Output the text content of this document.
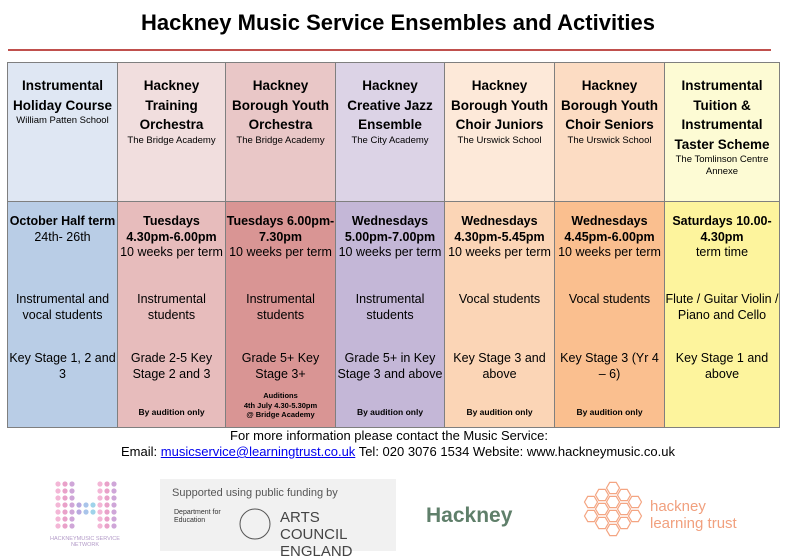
Hackney Music Service Ensembles and Activities
Instrumental Holiday Course
William Patten School
October Half term
24th- 26th
Instrumental and vocal students
Key Stage 1, 2 and 3
Hackney Training Orchestra
The Bridge Academy
Tuesdays 4.30pm-6.00pm
10 weeks per term
Instrumental students
Grade 2-5 Key Stage 2 and 3
By audition only
Hackney Borough Youth Orchestra
The Bridge Academy
Tuesdays 6.00pm-7.30pm
10 weeks per term
Instrumental students
Grade 5+ Key Stage 3+
Auditions
4th July 4.30-5.30pm
@ Bridge Academy
Hackney Creative Jazz Ensemble
The City Academy
Wednesdays 5.00pm-7.00pm
10 weeks per term
Instrumental students
Grade 5+ in Key Stage 3 and above
By audition only
Hackney Borough Youth Choir Juniors
The Urswick School
Wednesdays 4.30pm-5.45pm
10 weeks per term
Vocal students
Key Stage 3 and above
By audition only
Hackney Borough Youth Choir Seniors
The Urswick School
Wednesdays 4.45pm-6.00pm
10 weeks per term
Vocal students
Key Stage 3 (Yr 4 – 6)
By audition only
Instrumental Tuition & Instrumental Taster Scheme
The Tomlinson Centre Annexe
Saturdays 10.00-4.30pm
term time
Flute / Guitar Violin / Piano and Cello
Key Stage 1 and above
For more information please contact the Music Service:
Email: musicservice@learningtrust.co.uk Tel: 020 3076 1534 Website: www.hackneymusic.co.uk
HACKNEYMUSIC SERVICE NETWORK
Supported using public funding by
Department for Education	ARTS COUNCIL ENGLAND
Hackney	hackney learning trust
